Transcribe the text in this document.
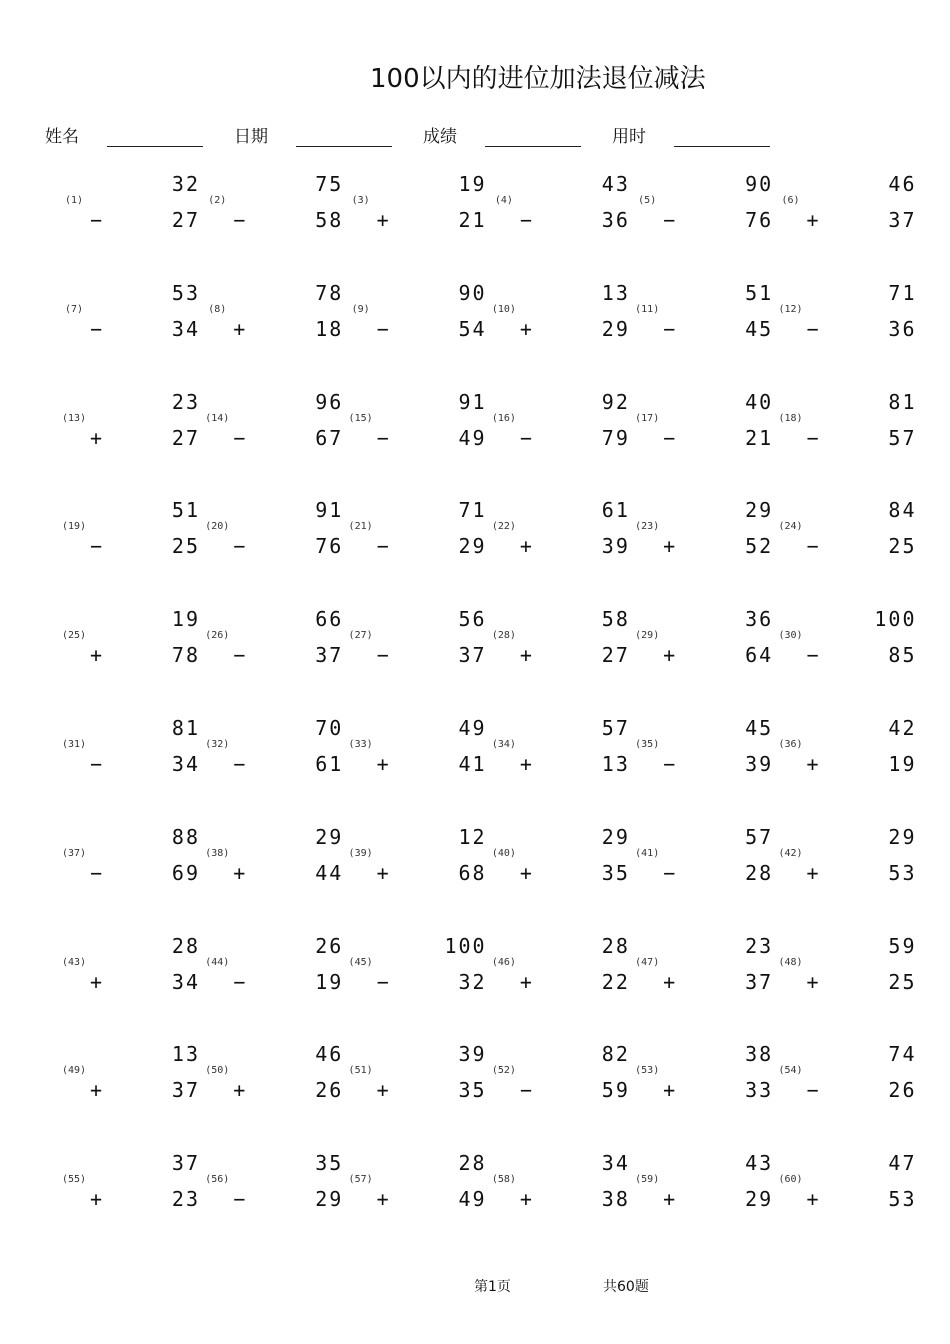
100以内的进位加法退位减法
姓名	日期	成绩	用时
(1)
32
−	27
(2)
75
−	58
(3)
19
+	21
(4)
43
−	36
(5)
90
−	76
(6)
46
+	37
(7)
53
−	34
(8)
78
+	18
(9)
90
−	54
(10)
13
+	29
(11)
51
−	45
(12)
71
−	36
(13)
23
+	27
(14)
96
−	67
(15)
91
−	49
(16)
92
−	79
(17)
40
−	21
(18)
81
−	57
(19)
51
−	25
(20)
91
−	76
(21)
71
−	29
(22)
61
+	39
(23)
29
+	52
(24)
84
−	25
(25)
19
+	78
(26)
66
−	37
(27)
56
−	37
(28)
58
+	27
(29)
36
+	64
(30)
100
−	85
(31)
81
−	34
(32)
70
−	61
(33)
49
+	41
(34)
57
+	13
(35)
45
−	39
(36)
42
+	19
(37)
88
−	69
(38)
29
+	44
(39)
12
+	68
(40)
29
+	35
(41)
57
−	28
(42)
29
+	53
(43)
28
+	34
(44)
26
−	19
(45)
100
−	32
(46)
28
+	22
(47)
23
+	37
(48)
59
+	25
(49)
13
+	37
(50)
46
+	26
(51)
39
+	35
(52)
82
−	59
(53)
38
+	33
(54)
74
−	26
(55)
37
+	23
(56)
35
−	29
(57)
28
+	49
(58)
34
+	38
(59)
43
+	29
(60)
47
+	53
第1页	共60题
